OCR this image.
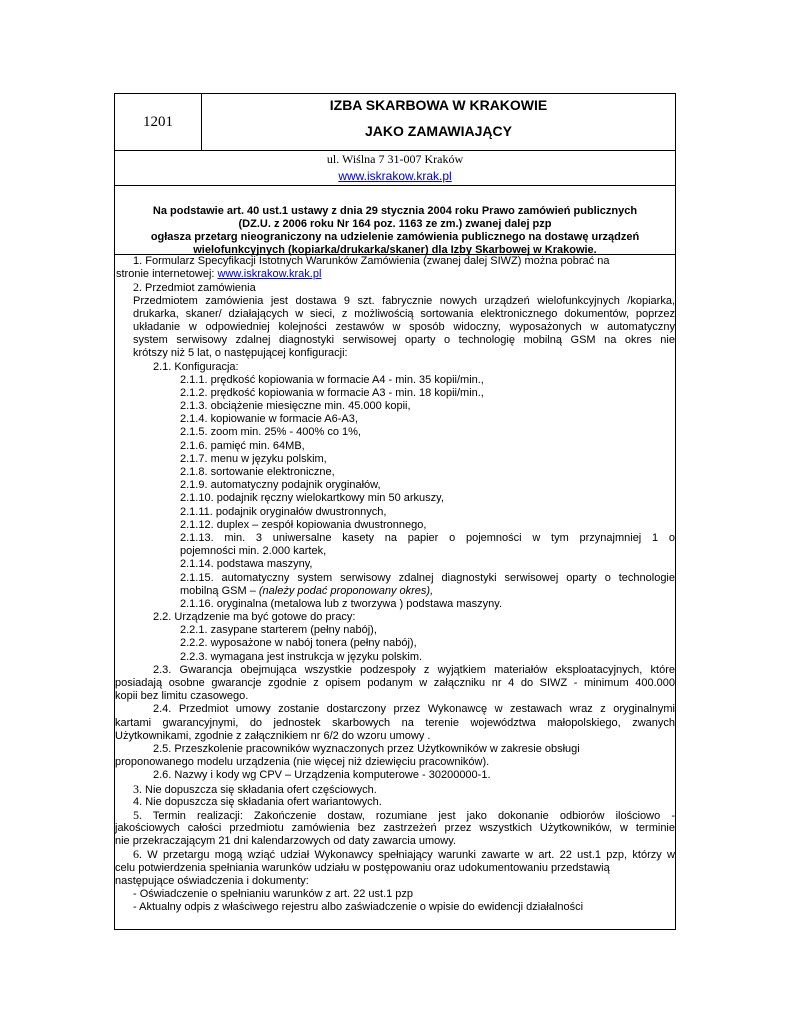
1201
IZBA SKARBOWA W KRAKOWIE
JAKO ZAMAWIAJĄCY
ul. Wiślna 7 31-007 Kraków
www.iskrakow.krak.pl
Na podstawie art. 40 ust.1 ustawy z dnia 29 stycznia 2004 roku Prawo zamówień publicznych
(DZ.U. z 2006 roku Nr 164 poz. 1163 ze zm.) zwanej dalej pzp
ogłasza przetarg nieograniczony na udzielenie zamówienia publicznego na dostawę urządzeń
wielofunkcyjnych (kopiarka/drukarka/skaner) dla Izby Skarbowej w Krakowie.
1. Formularz Specyfikacji Istotnych Warunków Zamówienia (zwanej dalej SIWZ) można pobrać na
stronie internetowej: www.iskrakow.krak.pl
2. Przedmiot zamówienia
Przedmiotem zamówienia jest dostawa 9 szt. fabrycznie nowych urządzeń wielofunkcyjnych /kopiarka,
drukarka, skaner/ działających w sieci, z możliwością sortowania elektronicznego dokumentów, poprzez
układanie w odpowiedniej kolejności zestawów w sposób widoczny, wyposażonych w automatyczny
system serwisowy zdalnej diagnostyki serwisowej oparty o technologię mobilną GSM na okres nie
krótszy niż 5 lat, o następującej konfiguracji:
2.1. Konfiguracja:
2.1.1. prędkość kopiowania w formacie A4 - min. 35 kopii/min.,
2.1.2. prędkość kopiowania w formacie A3 - min. 18 kopii/min.,
2.1.3. obciążenie miesięczne min. 45.000 kopii,
2.1.4. kopiowanie w formacie A6-A3,
2.1.5. zoom min. 25% - 400% co 1%,
2.1.6. pamięć min. 64MB,
2.1.7. menu w języku polskim,
2.1.8. sortowanie elektroniczne,
2.1.9. automatyczny podajnik oryginałów,
2.1.10. podajnik ręczny wielokartkowy min 50 arkuszy,
2.1.11. podajnik oryginałów dwustronnych,
2.1.12. duplex – zespół kopiowania dwustronnego,
2.1.13. min. 3 uniwersalne kasety na papier o pojemności w tym przynajmniej 1 o
pojemności min. 2.000 kartek,
2.1.14. podstawa maszyny,
2.1.15. automatyczny system serwisowy zdalnej diagnostyki serwisowej oparty o technologie
mobilną GSM – (należy podać proponowany okres),
2.1.16. oryginalna (metalowa lub z tworzywa ) podstawa maszyny.
2.2. Urządzenie ma być gotowe do pracy:
2.2.1. zasypane starterem (pełny nabój),
2.2.2. wyposażone w nabój tonera (pełny nabój),
2.2.3. wymagana jest instrukcja w języku polskim.
2.3. Gwarancja obejmująca wszystkie podzespoły z wyjątkiem materiałów eksploatacyjnych, które
posiadają osobne gwarancje zgodnie z opisem podanym w załączniku nr 4 do SIWZ - minimum 400.000
kopii bez limitu czasowego.
2.4. Przedmiot umowy zostanie dostarczony przez Wykonawcę w zestawach wraz z oryginalnymi
kartami gwarancyjnymi, do jednostek skarbowych na terenie województwa małopolskiego, zwanych
Użytkownikami, zgodnie z załącznikiem nr 6/2 do wzoru umowy .
2.5. Przeszkolenie pracowników wyznaczonych przez Użytkowników w zakresie obsługi
proponowanego modelu urządzenia (nie więcej niż dziewięciu pracowników).
2.6. Nazwy i kody wg CPV – Urządzenia komputerowe - 30200000-1.
3. Nie dopuszcza się składania ofert częściowych.
4. Nie dopuszcza się składania ofert wariantowych.
5. Termin realizacji: Zakończenie dostaw, rozumiane jest jako dokonanie odbiorów ilościowo -
jakościowych całości przedmiotu zamówienia bez zastrzeżeń przez wszystkich Użytkowników, w terminie
nie przekraczającym 21 dni kalendarzowych od daty zawarcia umowy.
6. W przetargu mogą wziąć udział Wykonawcy spełniający warunki zawarte w art. 22 ust.1 pzp, którzy w
celu potwierdzenia spełniania warunków udziału w postępowaniu oraz udokumentowaniu przedstawią
następujące oświadczenia i dokumenty:
- Oświadczenie o spełnianiu warunków z art. 22 ust.1 pzp
- Aktualny odpis z właściwego rejestru albo zaświadczenie o wpisie do ewidencji działalności
